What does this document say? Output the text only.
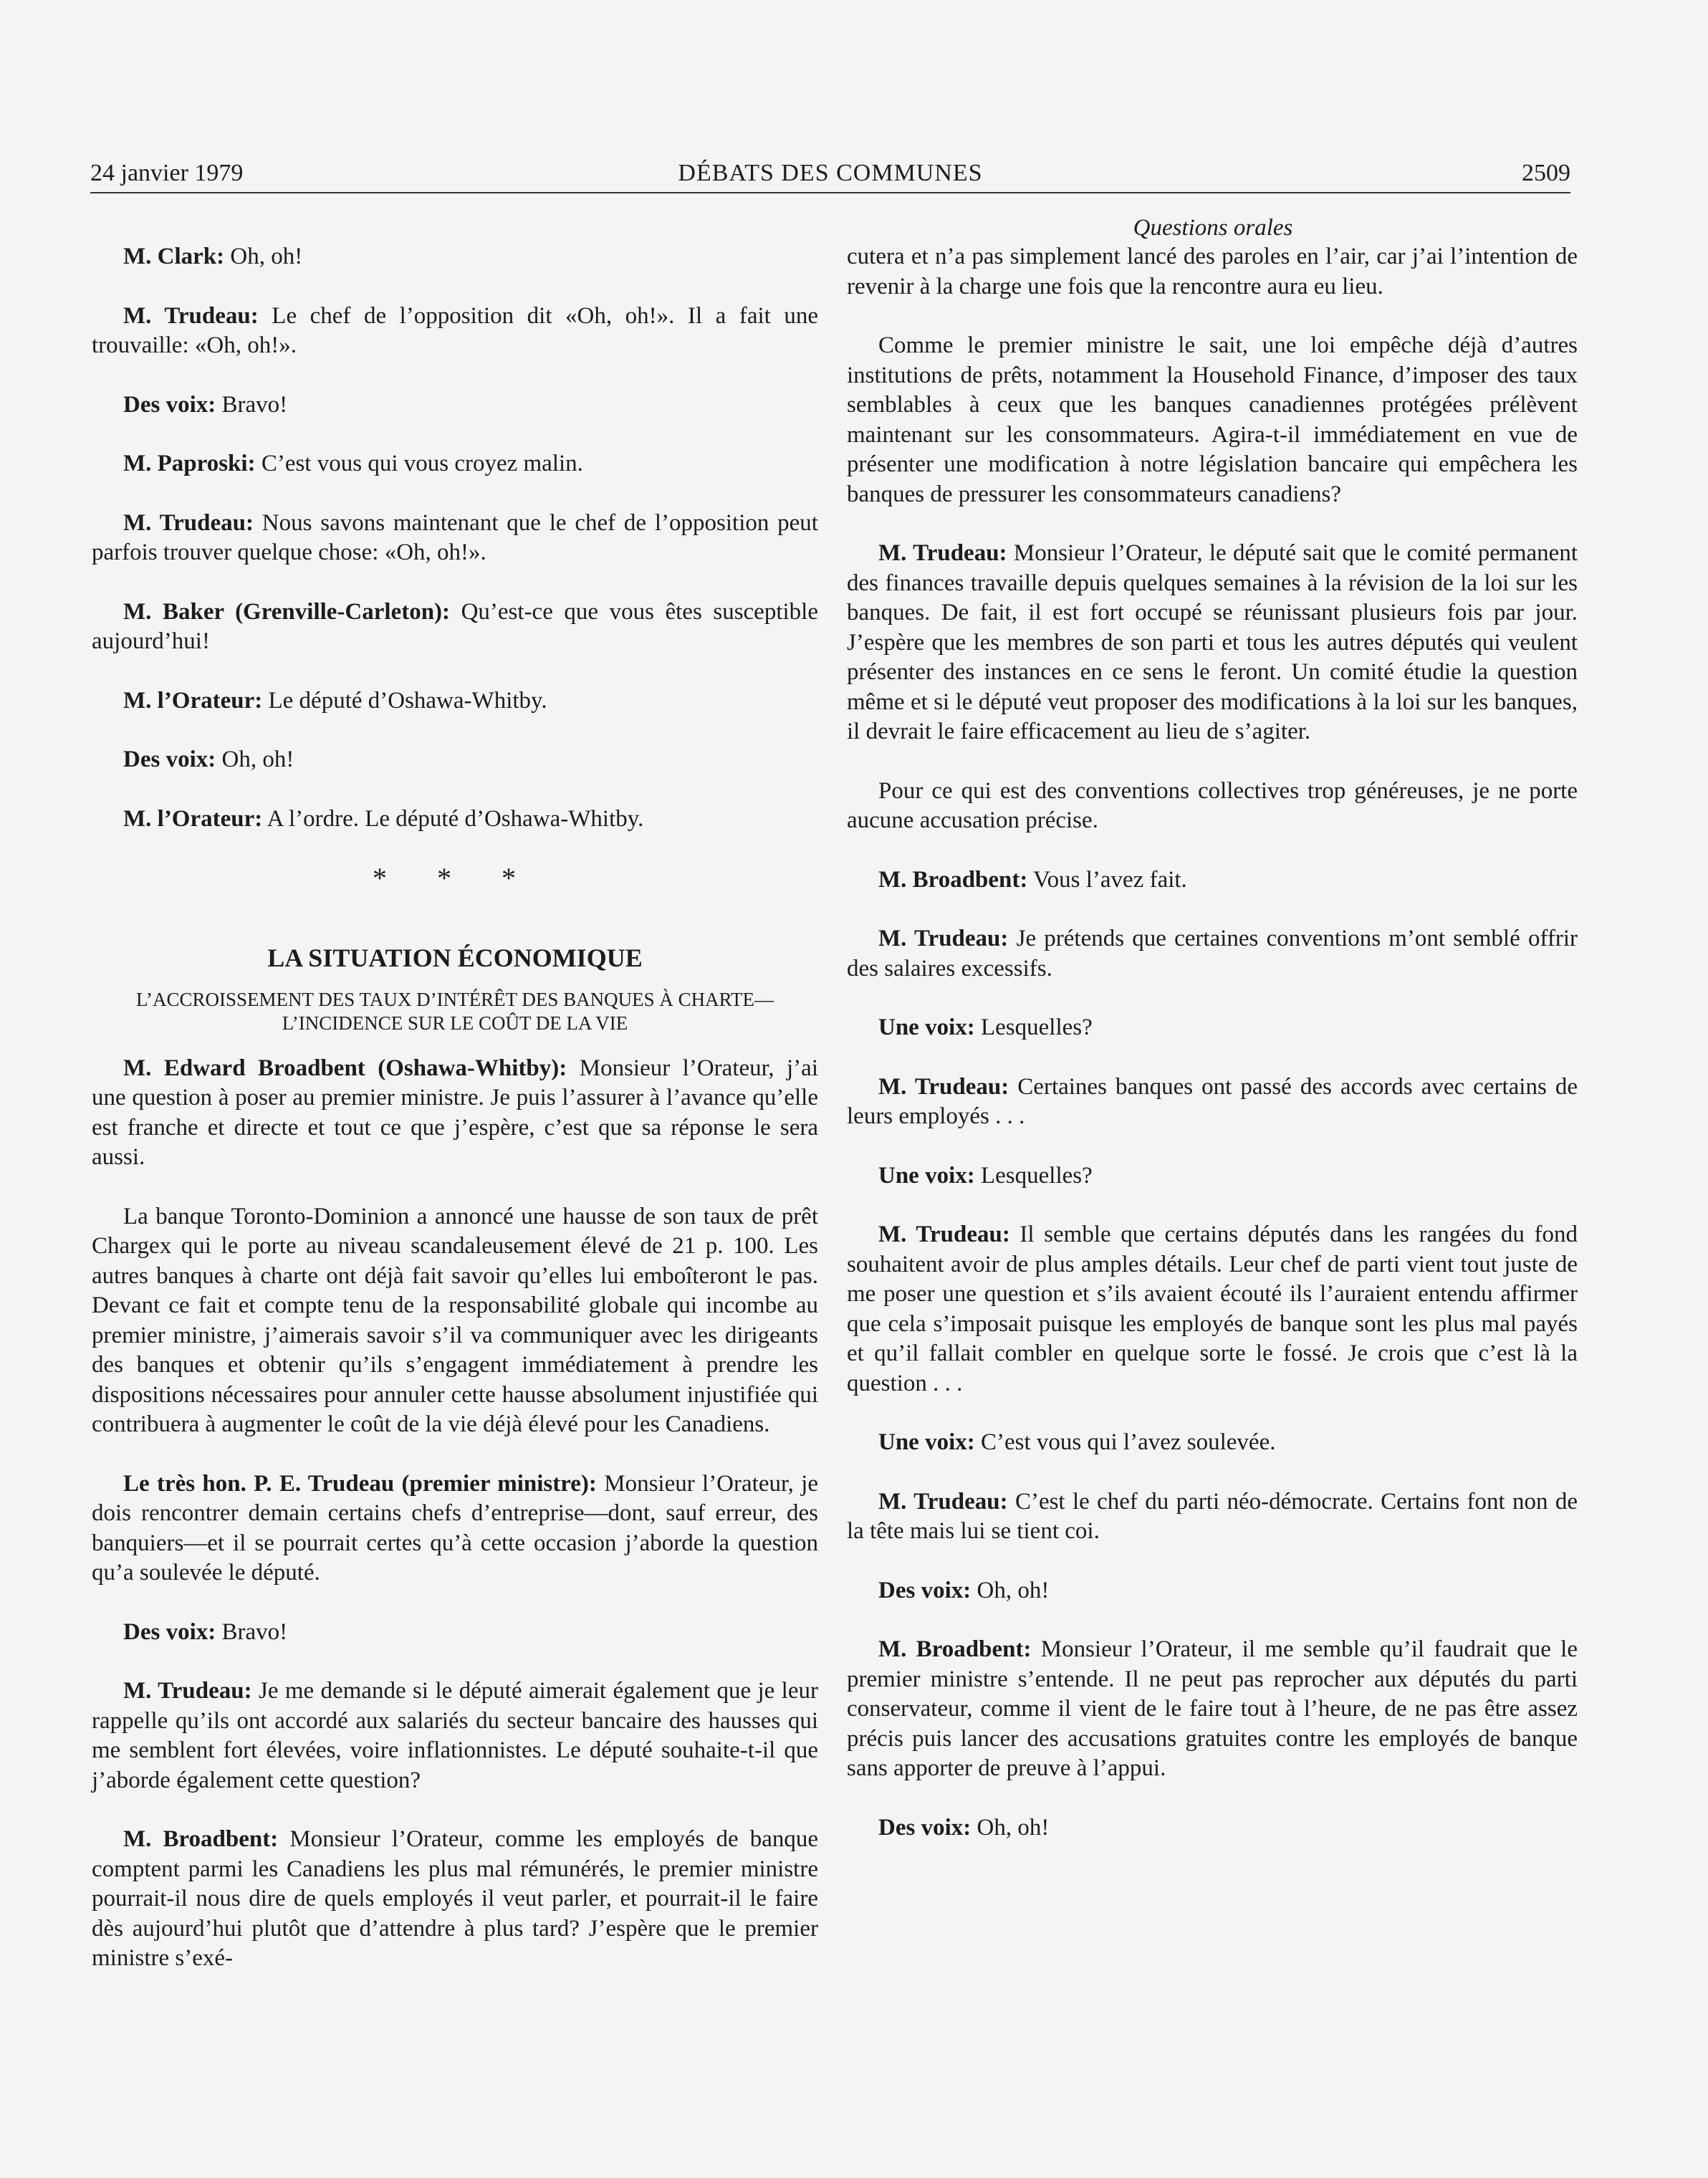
24 janvier 1979	DÉBATS DES COMMUNES	2509
Questions orales

M. Clark: Oh, oh!

M. Trudeau: Le chef de l’opposition dit «Oh, oh!». Il a fait une trouvaille: «Oh, oh!».

Des voix: Bravo!

M. Paproski: C’est vous qui vous croyez malin.

M. Trudeau: Nous savons maintenant que le chef de l’opposition peut parfois trouver quelque chose: «Oh, oh!».

M. Baker (Grenville-Carleton): Qu’est-ce que vous êtes susceptible aujourd’hui!

M. l’Orateur: Le député d’Oshawa-Whitby.

Des voix: Oh, oh!

M. l’Orateur: A l’ordre. Le député d’Oshawa-Whitby.

* * *
LA SITUATION ÉCONOMIQUE
L’ACCROISSEMENT DES TAUX D’INTÉRÊT DES BANQUES À CHARTE—L’INCIDENCE SUR LE COÛT DE LA VIE

M. Edward Broadbent (Oshawa-Whitby): Monsieur l’Orateur, j’ai une question à poser au premier ministre. Je puis l’assurer à l’avance qu’elle est franche et directe et tout ce que j’espère, c’est que sa réponse le sera aussi.

La banque Toronto-Dominion a annoncé une hausse de son taux de prêt Chargex qui le porte au niveau scandaleusement élevé de 21 p. 100. Les autres banques à charte ont déjà fait savoir qu’elles lui emboîteront le pas. Devant ce fait et compte tenu de la responsabilité globale qui incombe au premier ministre, j’aimerais savoir s’il va communiquer avec les dirigeants des banques et obtenir qu’ils s’engagent immédiatement à prendre les dispositions nécessaires pour annuler cette hausse absolument injustifiée qui contribuera à augmenter le coût de la vie déjà élevé pour les Canadiens.

Le très hon. P. E. Trudeau (premier ministre): Monsieur l’Orateur, je dois rencontrer demain certains chefs d’entreprise—dont, sauf erreur, des banquiers—et il se pourrait certes qu’à cette occasion j’aborde la question qu’a soulevée le député.

Des voix: Bravo!

M. Trudeau: Je me demande si le député aimerait également que je leur rappelle qu’ils ont accordé aux salariés du secteur bancaire des hausses qui me semblent fort élevées, voire inflationnistes. Le député souhaite-t-il que j’aborde également cette question?

M. Broadbent: Monsieur l’Orateur, comme les employés de banque comptent parmi les Canadiens les plus mal rémunérés, le premier ministre pourrait-il nous dire de quels employés il veut parler, et pourrait-il le faire dès aujourd’hui plutôt que d’attendre à plus tard? J’espère que le premier ministre s’exé-

cutera et n’a pas simplement lancé des paroles en l’air, car j’ai l’intention de revenir à la charge une fois que la rencontre aura eu lieu.

Comme le premier ministre le sait, une loi empêche déjà d’autres institutions de prêts, notamment la Household Finance, d’imposer des taux semblables à ceux que les banques canadiennes protégées prélèvent maintenant sur les consommateurs. Agira-t-il immédiatement en vue de présenter une modification à notre législation bancaire qui empêchera les banques de pressurer les consommateurs canadiens?

M. Trudeau: Monsieur l’Orateur, le député sait que le comité permanent des finances travaille depuis quelques semaines à la révision de la loi sur les banques. De fait, il est fort occupé se réunissant plusieurs fois par jour. J’espère que les membres de son parti et tous les autres députés qui veulent présenter des instances en ce sens le feront. Un comité étudie la question même et si le député veut proposer des modifications à la loi sur les banques, il devrait le faire efficacement au lieu de s’agiter.

Pour ce qui est des conventions collectives trop généreuses, je ne porte aucune accusation précise.

M. Broadbent: Vous l’avez fait.

M. Trudeau: Je prétends que certaines conventions m’ont semblé offrir des salaires excessifs.

Une voix: Lesquelles?

M. Trudeau: Certaines banques ont passé des accords avec certains de leurs employés . . .

Une voix: Lesquelles?

M. Trudeau: Il semble que certains députés dans les rangées du fond souhaitent avoir de plus amples détails. Leur chef de parti vient tout juste de me poser une question et s’ils avaient écouté ils l’auraient entendu affirmer que cela s’imposait puisque les employés de banque sont les plus mal payés et qu’il fallait combler en quelque sorte le fossé. Je crois que c’est là la question . . .

Une voix: C’est vous qui l’avez soulevée.

M. Trudeau: C’est le chef du parti néo-démocrate. Certains font non de la tête mais lui se tient coi.

Des voix: Oh, oh!

M. Broadbent: Monsieur l’Orateur, il me semble qu’il faudrait que le premier ministre s’entende. Il ne peut pas reprocher aux députés du parti conservateur, comme il vient de le faire tout à l’heure, de ne pas être assez précis puis lancer des accusations gratuites contre les employés de banque sans apporter de preuve à l’appui.

Des voix: Oh, oh!
